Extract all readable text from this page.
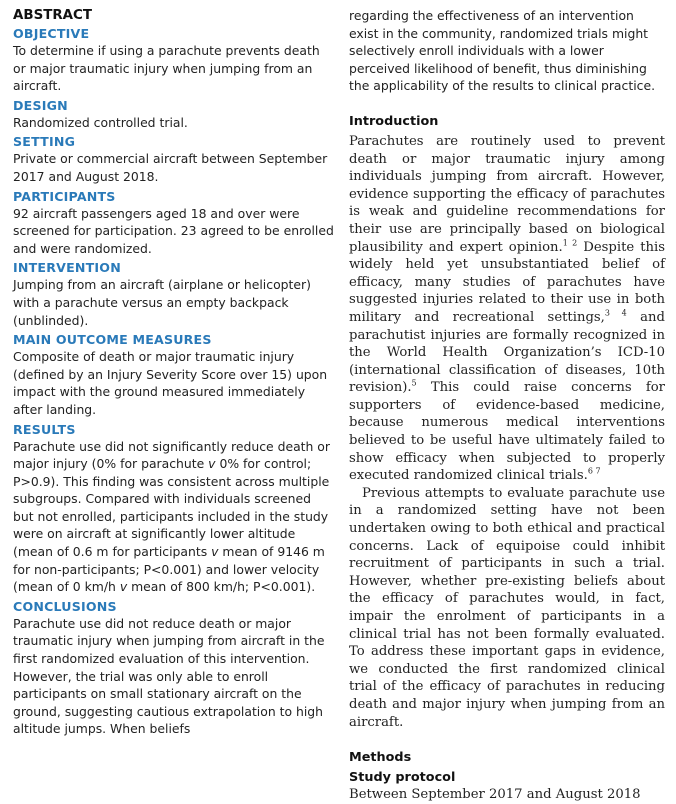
ABSTRACT
OBJECTIVE

To determine if using a parachute prevents death or major traumatic injury when jumping from an aircraft.

DESIGN

Randomized controlled trial.

SETTING

Private or commercial aircraft between September 2017 and August 2018.

PARTICIPANTS

92 aircraft passengers aged 18 and over were screened for participation. 23 agreed to be enrolled and were randomized.

INTERVENTION

Jumping from an aircraft (airplane or helicopter) with a parachute versus an empty backpack (unblinded).

MAIN OUTCOME MEASURES

Composite of death or major traumatic injury (defined by an Injury Severity Score over 15) upon impact with the ground measured immediately after landing.

RESULTS

Parachute use did not significantly reduce death or major injury (0% for parachute v 0% for control; P>0.9). This finding was consistent across multiple subgroups. Compared with individuals screened but not enrolled, participants included in the study were on aircraft at significantly lower altitude (mean of 0.6 m for participants v mean of 9146 m for non-participants; P<0.001) and lower velocity (mean of 0 km/h v mean of 800 km/h; P<0.001).

CONCLUSIONS

Parachute use did not reduce death or major traumatic injury when jumping from aircraft in the first randomized evaluation of this intervention. However, the trial was only able to enroll participants on small stationary aircraft on the ground, suggesting cautious extrapolation to high altitude jumps. When beliefs

regarding the effectiveness of an intervention exist in the community, randomized trials might selectively enroll individuals with a lower perceived likelihood of benefit, thus diminishing the applicability of the results to clinical practice.

Introduction

Parachutes are routinely used to prevent death or major traumatic injury among individuals jumping from aircraft. However, evidence supporting the efficacy of parachutes is weak and guideline recommendations for their use are principally based on biological plausibility and expert opinion.$^{1 2}$ Despite this widely held yet unsubstantiated belief of efficacy, many studies of parachutes have suggested injuries related to their use in both military and recreational settings,$^{3 4}$ and parachutist injuries are formally recognized in the World Health Organization’s ICD-10 (international classification of diseases, 10th revision).$^5$ This could raise concerns for supporters of evidence-based medicine, because numerous medical interventions believed to be useful have ultimately failed to show efficacy when subjected to properly executed randomized clinical trials.$^{6 7}$

Previous attempts to evaluate parachute use in a randomized setting have not been undertaken owing to both ethical and practical concerns. Lack of equipoise could inhibit recruitment of participants in such a trial. However, whether pre-existing beliefs about the efficacy of parachutes would, in fact, impair the enrolment of participants in a clinical trial has not been formally evaluated. To address these important gaps in evidence, we conducted the first randomized clinical trial of the efficacy of parachutes in reducing death and major injury when jumping from an aircraft.

Methods
Study protocol

Between September 2017 and August 2018
